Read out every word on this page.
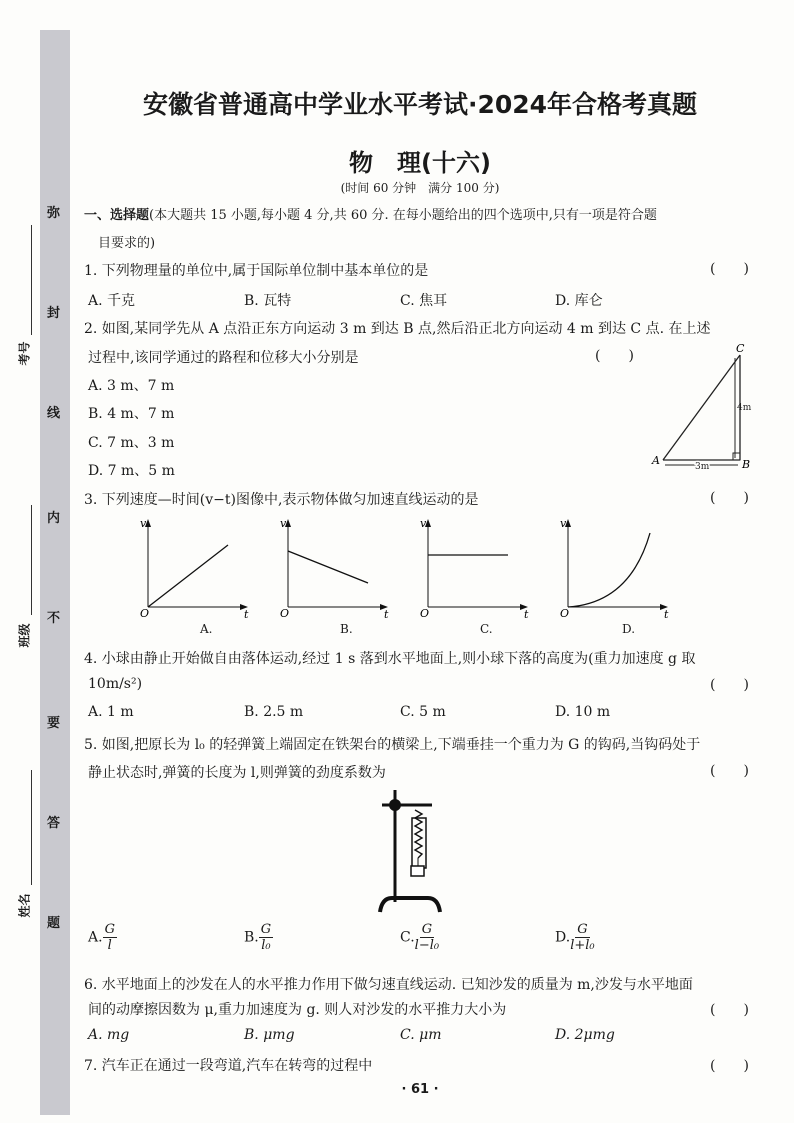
弥
封
线
内
不
要
答
题
考号
班级
姓名
安徽省普通高中学业水平考试·2024年合格考真题
物　理(十六)
(时间 60 分钟　满分 100 分)
一、选择题(本大题共 15 小题,每小题 4 分,共 60 分. 在每小题给出的四个选项中,只有一项是符合题
目要求的)
1. 下列物理量的单位中,属于国际单位制中基本单位的是	(　　)
A. 千克	B. 瓦特	C. 焦耳	D. 库仑
2. 如图,某同学先从 A 点沿正东方向运动 3 m 到达 B 点,然后沿正北方向运动 4 m 到达 C 点. 在上述
过程中,该同学通过的路程和位移大小分别是	(　　)
A. 3 m、7 m
B. 4 m、7 m
C. 7 m、3 m
D. 7 m、5 m
C
A	B
3m
4m
3. 下列速度—时间(v−t)图像中,表示物体做匀加速直线运动的是	(　　)
v
O	t
v
O	t
v
O	t
v
O	t
A.	B.	C.	D.
4. 小球由静止开始做自由落体运动,经过 1 s 落到水平地面上,则小球下落的高度为(重力加速度 g 取
10m/s²)	(　　)
A. 1 m	B. 2.5 m	C. 5 m	D. 10 m
5. 如图,把原长为 l₀ 的轻弹簧上端固定在铁架台的横梁上,下端垂挂一个重力为 G 的钩码,当钩码处于
静止状态时,弹簧的长度为 l,则弹簧的劲度系数为	(　　)
A. $\frac{G}{l}$	B. $\frac{G}{\text{l₀}}$	C. $\frac{G}{\text{l−l₀}}$	D. $\frac{G}{\text{l+l₀}}$
6. 水平地面上的沙发在人的水平推力作用下做匀速直线运动. 已知沙发的质量为 m,沙发与水平地面
间的动摩擦因数为 μ,重力加速度为 g. 则人对沙发的水平推力大小为	(　　)
A. mg	B. μmg	C. μm	D. 2μmg
7. 汽车正在通过一段弯道,汽车在转弯的过程中	(　　)
· 61 ·
